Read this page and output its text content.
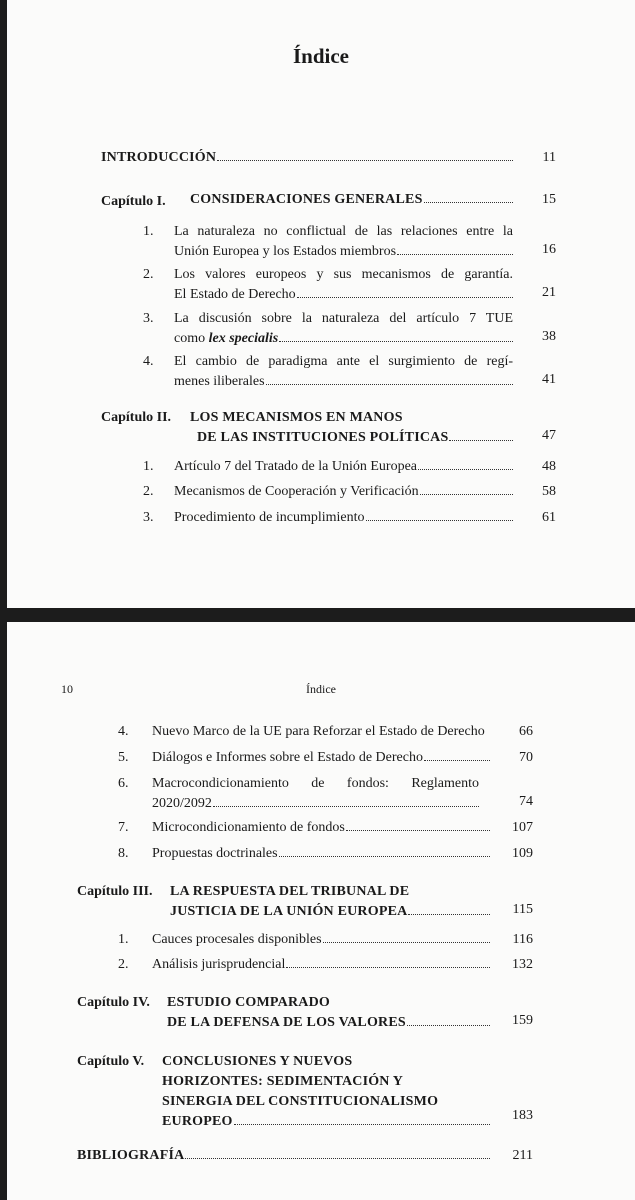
Índice
INTRODUCCIÓN	11
Capítulo I. CONSIDERACIONES GENERALES	15
1. La naturaleza no conflictual de las relaciones entre la
Unión Europea y los Estados miembros	16
2. Los valores europeos y sus mecanismos de garantía.
El Estado de Derecho	21
3. La discusión sobre la naturaleza del artículo 7 TUE
como
lex specialis	38
4. El cambio de paradigma ante el surgimiento de regí-
menes iliberales	41
Capítulo II. LOS MECANISMOS EN MANOS
DE LAS INSTITUCIONES POLÍTICAS	47
1. Artículo 7 del Tratado de la Unión Europea	48
2. Mecanismos de Cooperación y Verificación	58
3. Procedimiento de incumplimiento	61
10	Índice
4. Nuevo Marco de la UE para Reforzar el Estado de Derecho	66
5. Diálogos e Informes sobre el Estado de Derecho	70
6. Macrocondicionamiento de fondos: Reglamento
2020/2092	74
7. Microcondicionamiento de fondos	107
8. Propuestas doctrinales	109
Capítulo III. LA RESPUESTA DEL TRIBUNAL DE
JUSTICIA DE LA UNIÓN EUROPEA	115
1. Cauces procesales disponibles	116
2. Análisis jurisprudencial	132
Capítulo IV. ESTUDIO COMPARADO
DE LA DEFENSA DE LOS VALORES	159
Capítulo V. CONCLUSIONES Y NUEVOS
HORIZONTES: SEDIMENTACIÓN Y
SINERGIA DEL CONSTITUCIONALISMO
EUROPEO	183
BIBLIOGRAFÍA	211
